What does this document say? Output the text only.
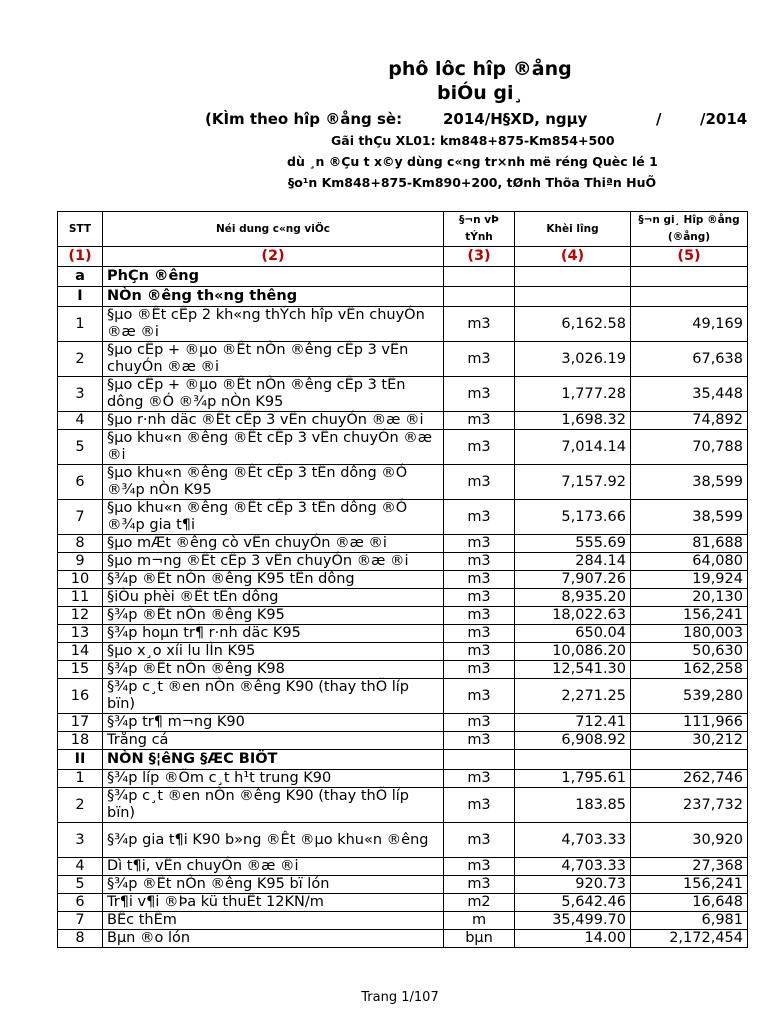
phô lôc hîp ®ång
biÓu gi¸
(KÌm theo hîp ®ång sè:	2014/H§XD, ngµy	/	/2014
Gãi thÇu XL01: km848+875-Km854+500
dù ¸n ®Çu t x©y dùng c«ng tr×nh më réng Quèc lé 1
§o¹n Km848+875-Km890+200, tØnh Thõa Thiªn HuÕ
STT	Néi dung c«ng viÖc	§¬n vÞ tÝnh	Khèi lîng	§¬n gi¸ Hîp ®ång (®ång)
(1)	(2)	(3)	(4)	(5)
a	PhÇn ®êng			
I	NÒn ®êng th«ng thêng			
1	§µo ®Êt cÊp 2 kh«ng thÝch hîp vËn chuyÓn ®æ ®i	m3	6,162.58	49,169
2	§µo cÊp + ®µo ®Êt nÒn ®êng cÊp 3 vËn chuyÓn ®æ ®i	m3	3,026.19	67,638
3	§µo cÊp + ®µo ®Êt nÒn ®êng cÊp 3 tËn dông ®Ó ®¾p nÒn K95	m3	1,777.28	35,448
4	§µo r·nh däc ®Êt cÊp 3 vËn chuyÓn ®æ ®i	m3	1,698.32	74,892
5	§µo khu«n ®êng ®Êt cÊp 3 vËn chuyÓn ®æ ®i	m3	7,014.14	70,788
6	§µo khu«n ®êng ®Êt cÊp 3 tËn dông ®Ó ®¾p nÒn K95	m3	7,157.92	38,599
7	§µo khu«n ®êng ®Êt cÊp 3 tËn dông ®Ó ®¾p gia t¶i	m3	5,173.66	38,599
8	§µo mÆt ®êng cò vËn chuyÓn ®æ ®i	m3	555.69	81,688
9	§µo m¬ng ®Êt cÊp 3 vËn chuyÓn ®æ ®i	m3	284.14	64,080
10	§¾p ®Êt nÒn ®êng K95 tËn dông	m3	7,907.26	19,924
11	§iÒu phèi ®Êt tËn dông	m3	8,935.20	20,130
12	§¾p ®Êt nÒn ®êng K95	m3	18,022.63	156,241
13	§¾p hoµn tr¶ r·nh däc K95	m3	650.04	180,003
14	§µo x¸o xíi lu lÌn K95	m3	10,086.20	50,630
15	§¾p ®Êt nÒn ®êng K98	m3	12,541.30	162,258
16	§¾p c¸t ®en nÒn ®êng K90 (thay thÕ líp bïn)	m3	2,271.25	539,280
17	§¾p tr¶ m¬ng K90	m3	712.41	111,966
18	Trång cá	m3	6,908.92	30,212
II	NÒN §¦êNG §ÆC BIÖT			
1	§¾p líp ®Öm c¸t h¹t trung K90	m3	1,795.61	262,746
2	§¾p c¸t ®en nÒn ®êng K90 (thay thÕ líp bïn)	m3	183.85	237,732
3	§¾p gia t¶i K90 b»ng ®Êt ®µo khu«n ®êng	m3	4,703.33	30,920
4	Dì t¶i, vËn chuyÓn ®æ ®i	m3	4,703.33	27,368
5	§¾p ®Êt nÒn ®êng K95 bï lón	m3	920.73	156,241
6	Tr¶i v¶i ®Þa kü thuËt 12KN/m	m2	5,642.46	16,648
7	BÊc thÊm	m	35,499.70	6,981
8	Bµn ®o lón	bµn	14.00	2,172,454
Trang 1/107
